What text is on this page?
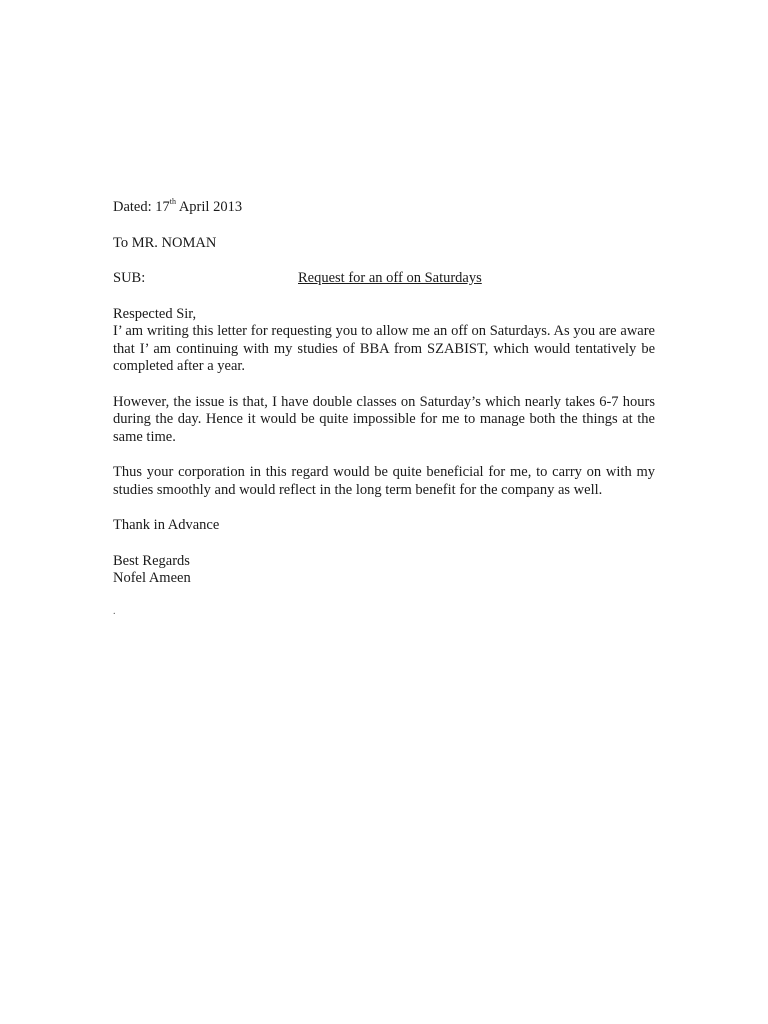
Dated: 17th April 2013
To MR. NOMAN
SUB:	Request for an off on Saturdays
Respected Sir,

I’ am writing this letter for requesting you to allow me an off on Saturdays. As you are aware that I’ am continuing with my studies of BBA from SZABIST, which would tentatively be completed after a year.

However, the issue is that, I have double classes on Saturday’s which nearly takes 6-7 hours during the day. Hence it would be quite impossible for me to manage both the things at the same time.

Thus your corporation in this regard would be quite beneficial for me, to carry on with my studies smoothly and would reflect in the long term benefit for the company as well.

Thank in Advance
Best Regards
Nofel Ameen
.
